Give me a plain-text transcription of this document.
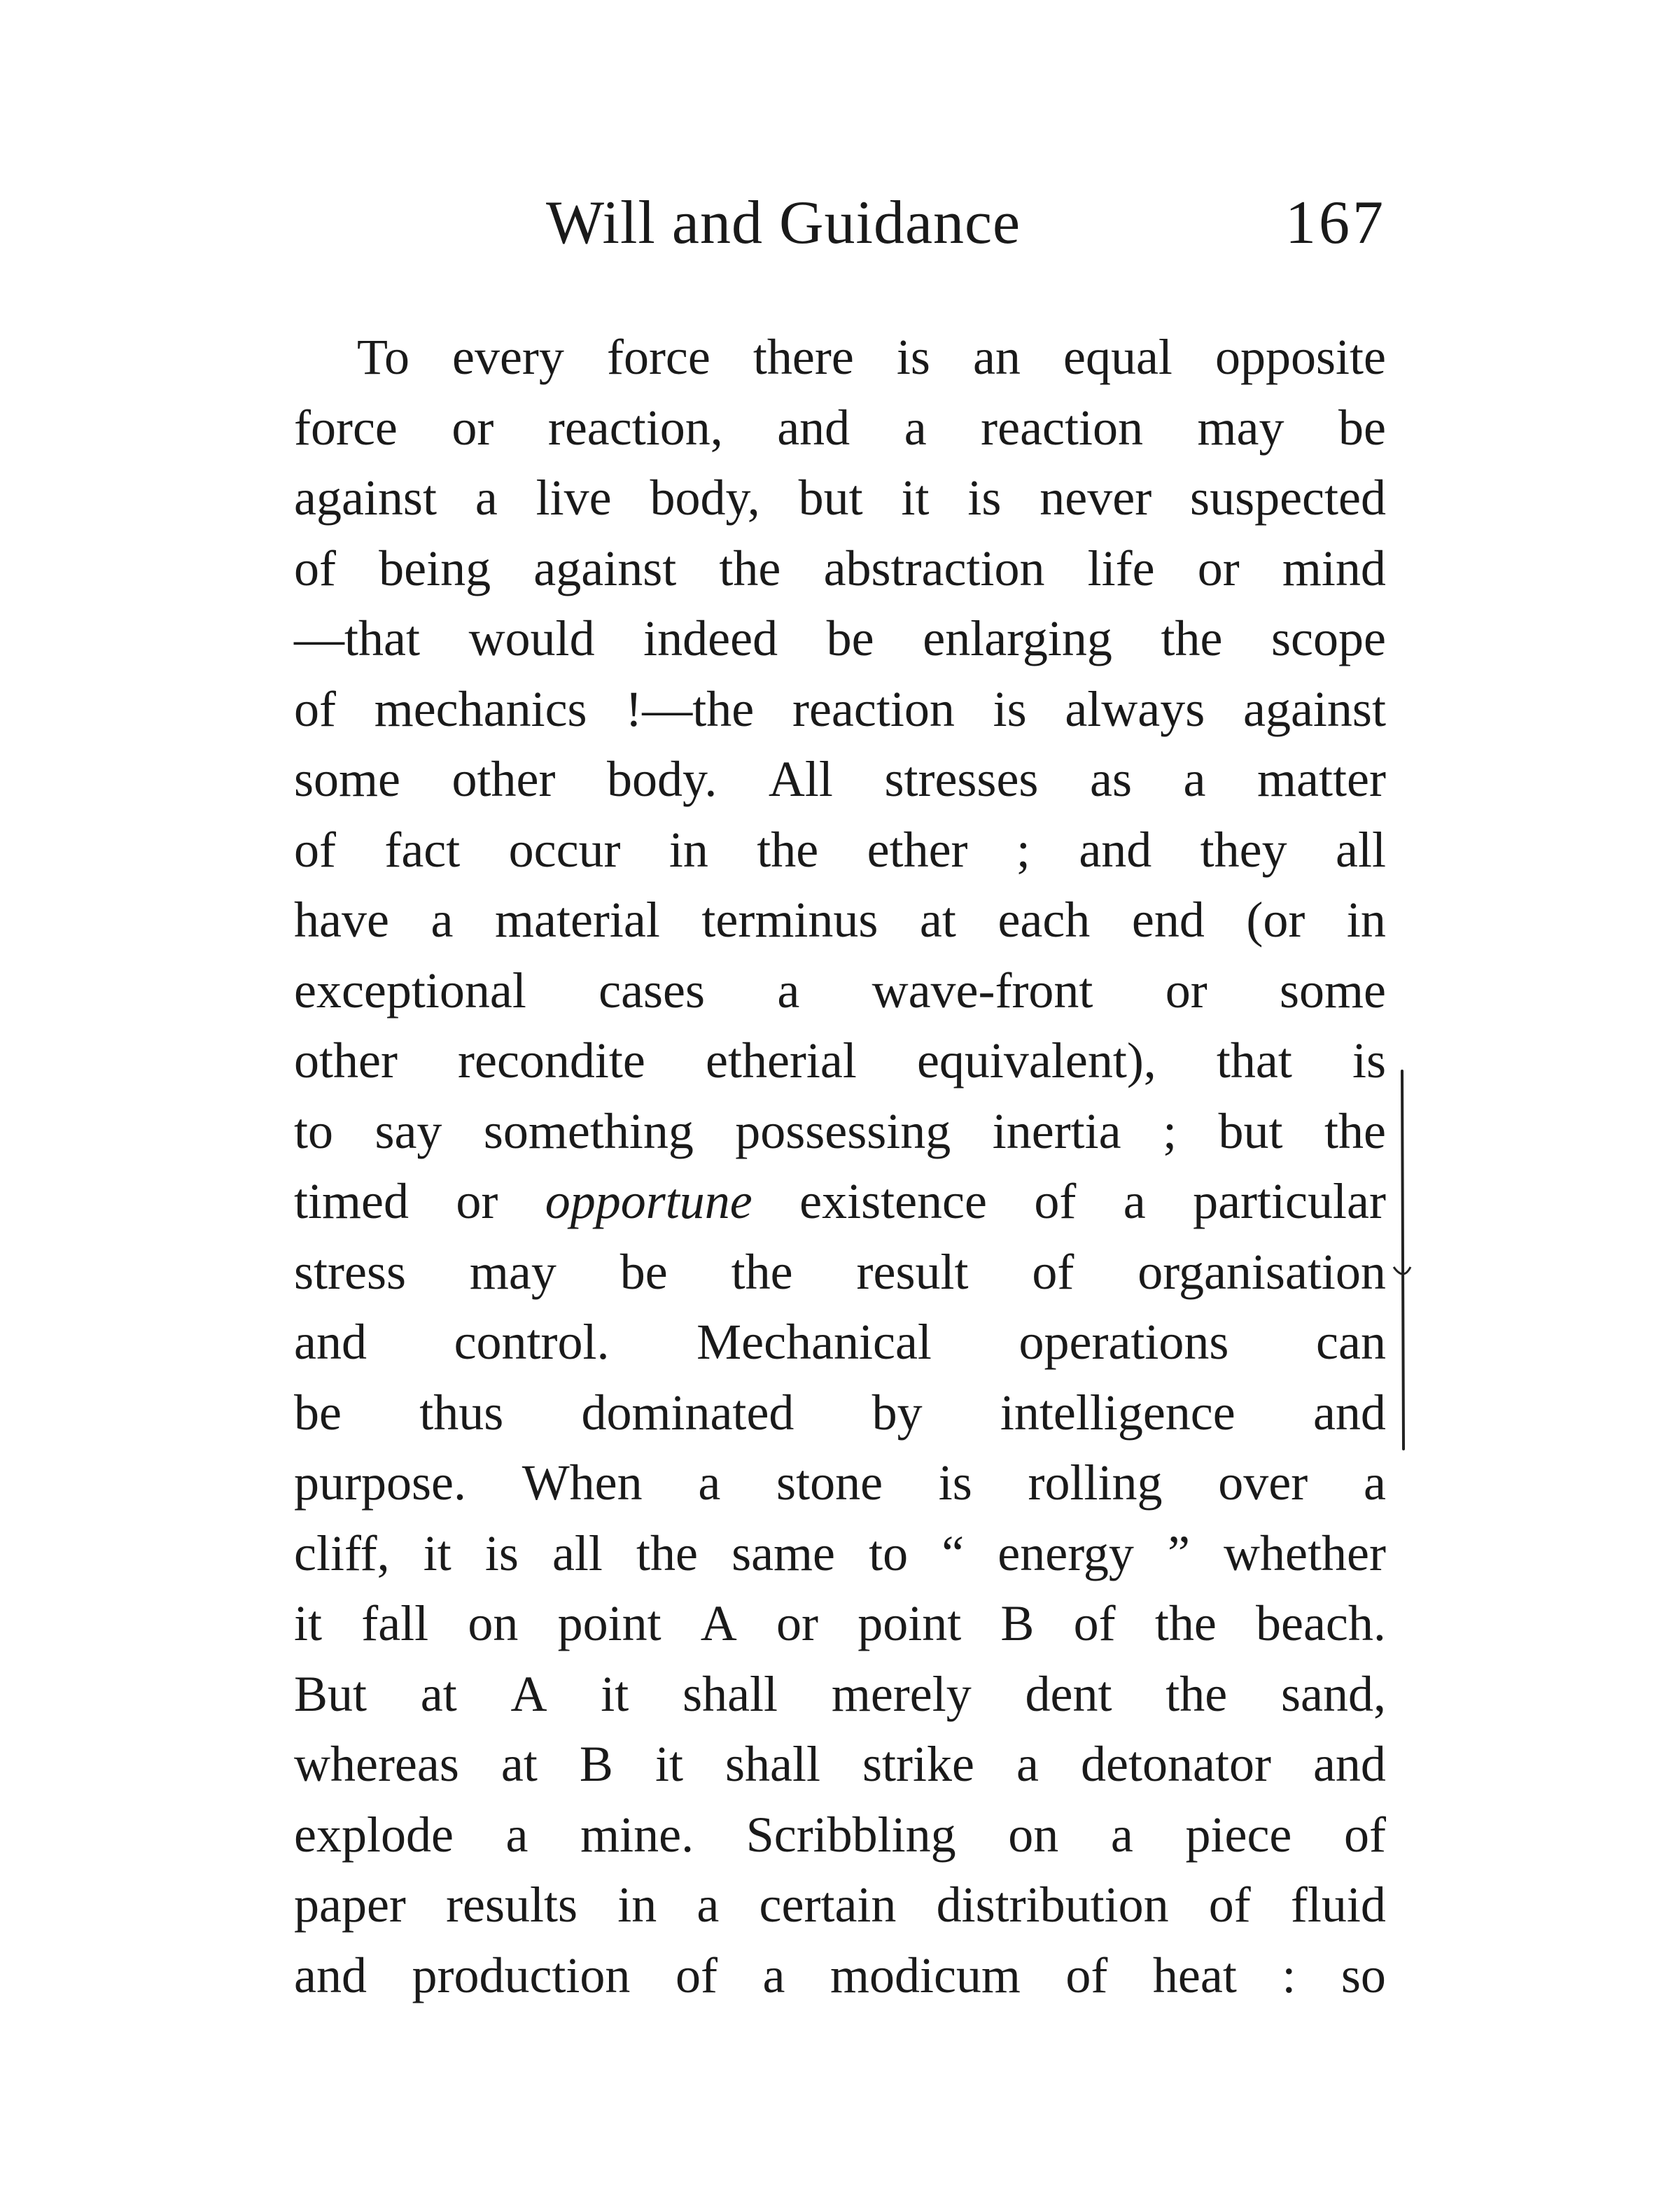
Will and Guidance	167
To every force there is an equal opposite
force or reaction, and a reaction may be
against a live body, but it is never suspected
of being against the abstraction life or mind
—that would indeed be enlarging the scope
of mechanics !—the reaction is always against
some other body. All stresses as a matter
of fact occur in the ether ; and they all
have a material terminus at each end (or in
exceptional cases a wave-front or some
other recondite etherial equivalent), that is
to say something possessing inertia ; but the
timed or opportune existence of a particular
stress may be the result of organisation
and control. Mechanical operations can
be thus dominated by intelligence and
purpose. When a stone is rolling over a
cliff, it is all the same to “ energy ” whether
it fall on point A or point B of the beach.
But at A it shall merely dent the sand,
whereas at B it shall strike a detonator and
explode a mine. Scribbling on a piece of
paper results in a certain distribution of fluid
and production of a modicum of heat : so
